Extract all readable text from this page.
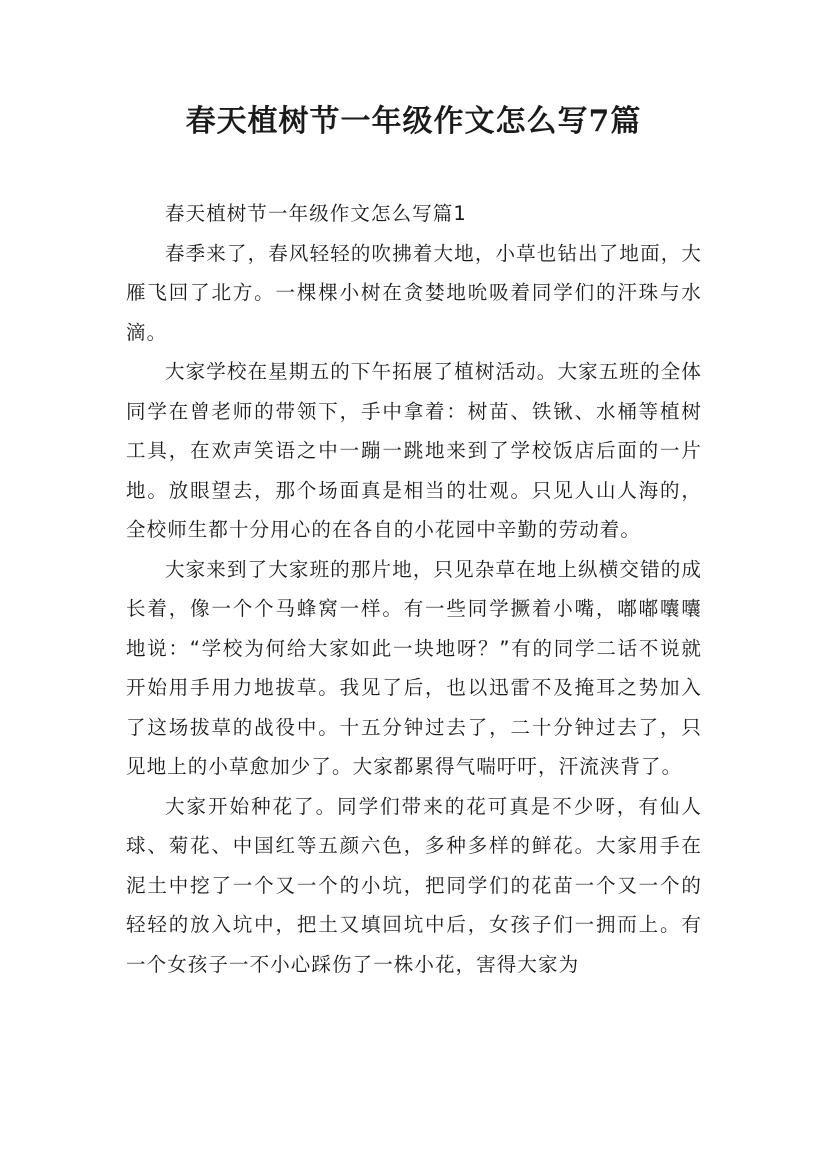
春天植树节一年级作文怎么写7篇

春天植树节一年级作文怎么写篇1

春季来了，春风轻轻的吹拂着大地，小草也钻出了地面，大雁飞回了北方。一棵棵小树在贪婪地吮吸着同学们的汗珠与水滴。

大家学校在星期五的下午拓展了植树活动。大家五班的全体同学在曾老师的带领下，手中拿着：树苗、铁锹、水桶等植树工具，在欢声笑语之中一蹦一跳地来到了学校饭店后面的一片地。放眼望去，那个场面真是相当的壮观。只见人山人海的，全校师生都十分用心的在各自的小花园中辛勤的劳动着。

大家来到了大家班的那片地，只见杂草在地上纵横交错的成长着，像一个个马蜂窝一样。有一些同学撅着小嘴，嘟嘟囔囔地说：“学校为何给大家如此一块地呀？”有的同学二话不说就开始用手用力地拔草。我见了后，也以迅雷不及掩耳之势加入了这场拔草的战役中。十五分钟过去了，二十分钟过去了，只见地上的小草愈加少了。大家都累得气喘吁吁，汗流浃背了。

大家开始种花了。同学们带来的花可真是不少呀，有仙人球、菊花、中国红等五颜六色，多种多样的鲜花。大家用手在泥土中挖了一个又一个的小坑，把同学们的花苗一个又一个的轻轻的放入坑中，把土又填回坑中后，女孩子们一拥而上。有一个女孩子一不小心踩伤了一株小花，害得大家为
